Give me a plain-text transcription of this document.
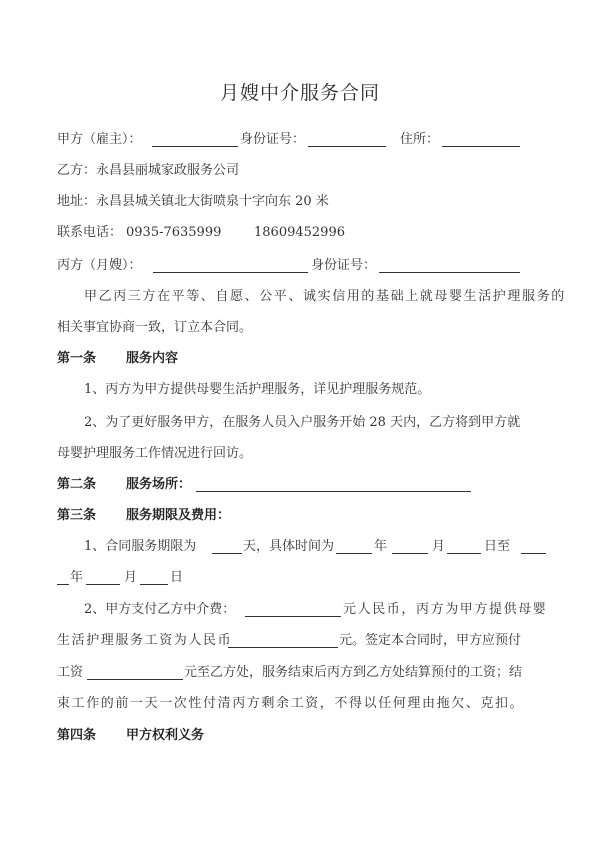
月嫂中介服务合同
甲方（雇主）：	身份证号：	住所：
乙方：永昌县丽城家政服务公司
地址：永昌县城关镇北大街喷泉十字向东 20 米
联系电话： 0935-7635999	18609452996
丙方（月嫂）：	身份证号：
甲乙丙三方在平等、自愿、公平、诚实信用的基础上就母婴生活护理服务的
相关事宜协商一致，订立本合同。
第一条 服务内容
1、丙方为甲方提供母婴生活护理服务，详见护理服务规范。
2、为了更好服务甲方，在服务人员入户服务开始 28 天内，乙方将到甲方就
母婴护理服务工作情况进行回访。
第二条 服务场所：
第三条 服务期限及费用：
1、合同服务期限为	天，具体时间为	年	月	日至
年	月	日
2、甲方支付乙方中介费：	元人民币，丙方为甲方提供母婴
生活护理服务工资为人民币	元。签定本合同时，甲方应预付
工资	元至乙方处，服务结束后丙方到乙方处结算预付的工资；结
束工作的前一天一次性付清丙方剩余工资，不得以任何理由拖欠、克扣。
第四条 甲方权利义务
